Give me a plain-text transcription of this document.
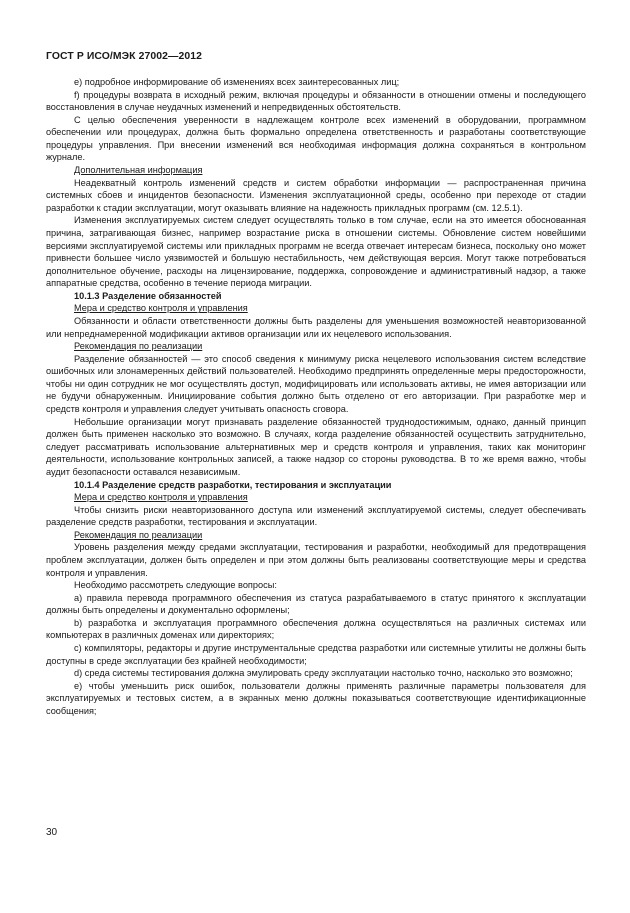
ГОСТ Р ИСО/МЭК 27002—2012

e) подробное информирование об изменениях всех заинтересованных лиц;

f) процедуры возврата в исходный режим, включая процедуры и обязанности в отношении отмены и последующего восстановления в случае неудачных изменений и непредвиденных обстоятельств.

С целью обеспечения уверенности в надлежащем контроле всех изменений в оборудовании, программном обеспечении или процедурах, должна быть формально определена ответственность и разработаны соответствующие процедуры управления. При внесении изменений вся необходимая информация должна сохраняться в контрольном журнале.

Дополнительная информация

Неадекватный контроль изменений средств и систем обработки информации — распространенная причина системных сбоев и инцидентов безопасности. Изменения эксплуатационной среды, особенно при переходе от стадии разработки к стадии эксплуатации, могут оказывать влияние на надежность прикладных программ (см. 12.5.1).

Изменения эксплуатируемых систем следует осуществлять только в том случае, если на это имеется обоснованная причина, затрагивающая бизнес, например возрастание риска в отношении системы. Обновление систем новейшими версиями эксплуатируемой системы или прикладных программ не всегда отвечает интересам бизнеса, поскольку оно может привнести большее число уязвимостей и большую нестабильность, чем действующая версия. Могут также потребоваться дополнительное обучение, расходы на лицензирование, поддержка, сопровождение и административный надзор, а также аппаратные средства, особенно в течение периода миграции.

10.1.3 Разделение обязанностей

Мера и средство контроля и управления

Обязанности и области ответственности должны быть разделены для уменьшения возможностей неавторизованной или непреднамеренной модификации активов организации или их нецелевого использования.

Рекомендация по реализации

Разделение обязанностей — это способ сведения к минимуму риска нецелевого использования систем вследствие ошибочных или злонамеренных действий пользователей. Необходимо предпринять определенные меры предосторожности, чтобы ни один сотрудник не мог осуществлять доступ, модифицировать или использовать активы, не имея авторизации или не будучи обнаруженным. Инициирование события должно быть отделено от его авторизации. При разработке мер и средств контроля и управления следует учитывать опасность сговора.

Небольшие организации могут признавать разделение обязанностей труднодостижимым, однако, данный принцип должен быть применен насколько это возможно. В случаях, когда разделение обязанностей осуществить затруднительно, следует рассматривать использование альтернативных мер и средств контроля и управления, таких как мониторинг деятельности, использование контрольных записей, а также надзор со стороны руководства. В то же время важно, чтобы аудит безопасности оставался независимым.

10.1.4 Разделение средств разработки, тестирования и эксплуатации

Мера и средство контроля и управления

Чтобы снизить риски неавторизованного доступа или изменений эксплуатируемой системы, следует обеспечивать разделение средств разработки, тестирования и эксплуатации.

Рекомендация по реализации

Уровень разделения между средами эксплуатации, тестирования и разработки, необходимый для предотвращения проблем эксплуатации, должен быть определен и при этом должны быть реализованы соответствующие меры и средства контроля и управления.

Необходимо рассмотреть следующие вопросы:

a) правила перевода программного обеспечения из статуса разрабатываемого в статус принятого к эксплуатации должны быть определены и документально оформлены;

b) разработка и эксплуатация программного обеспечения должна осуществляться на различных системах или компьютерах в различных доменах или директориях;

c) компиляторы, редакторы и другие инструментальные средства разработки или системные утилиты не должны быть доступны в среде эксплуатации без крайней необходимости;

d) среда системы тестирования должна эмулировать среду эксплуатации настолько точно, насколько это возможно;

e) чтобы уменьшить риск ошибок, пользователи должны применять различные параметры пользователя для эксплуатируемых и тестовых систем, а в экранных меню должны показываться соответствующие идентификационные сообщения;

30
